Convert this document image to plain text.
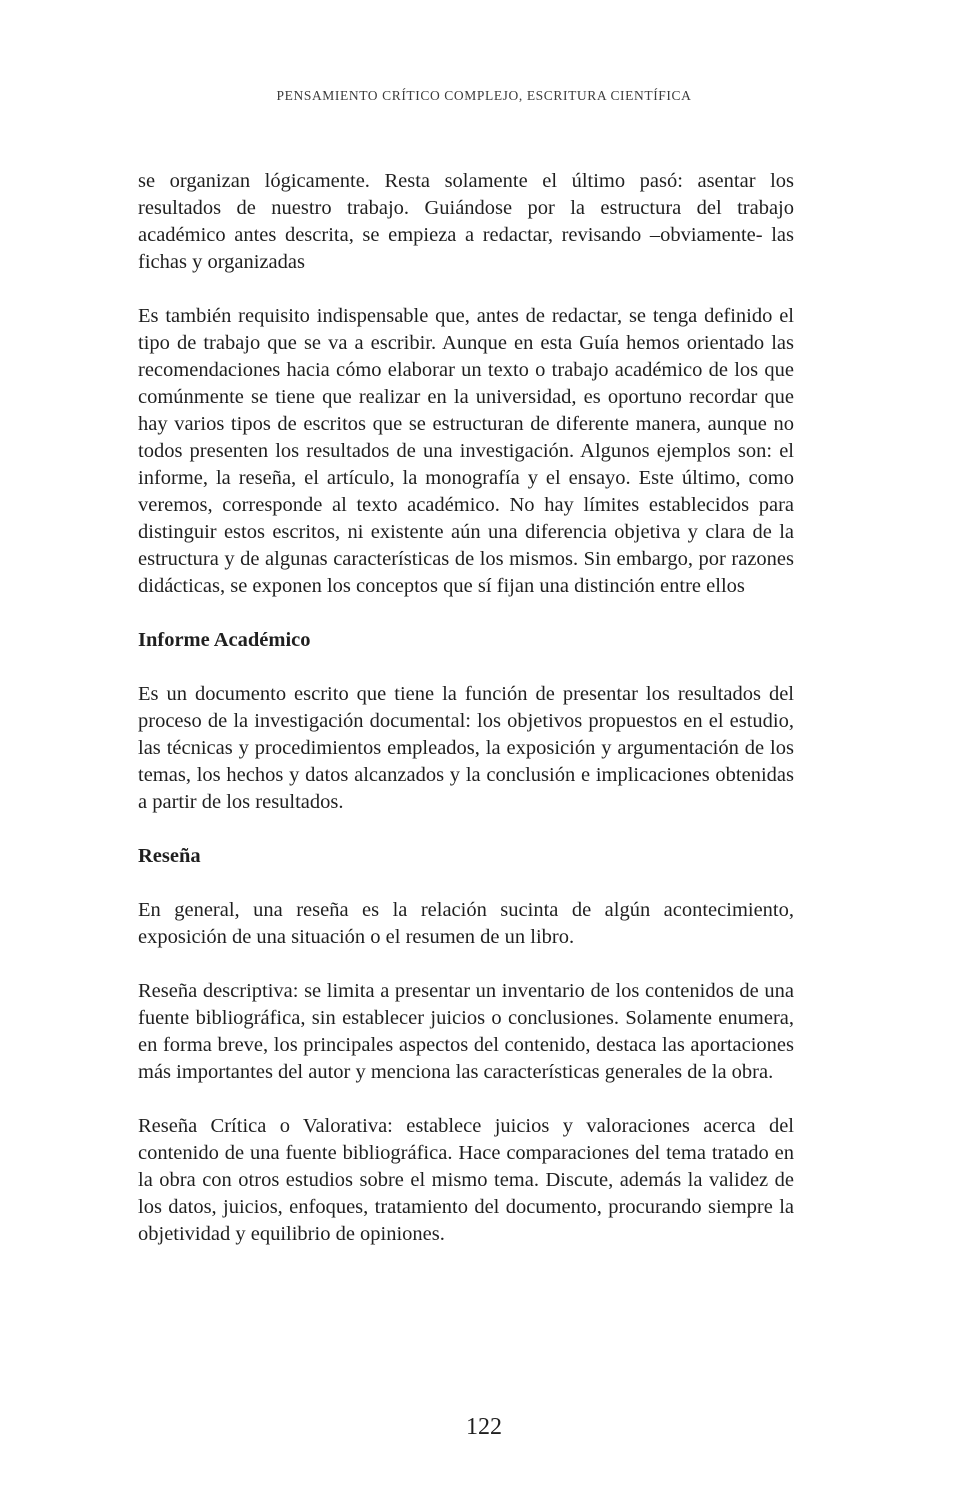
PENSAMIENTO CRÍTICO COMPLEJO, ESCRITURA CIENTÍFICA

se organizan lógicamente. Resta solamente el último pasó: asentar los resultados de nuestro trabajo. Guiándose por la estructura del trabajo académico antes descrita, se empieza a redactar, revisando –obviamente- las fichas y organizadas

Es también requisito indispensable que, antes de redactar, se tenga definido el tipo de trabajo que se va a escribir. Aunque en esta Guía hemos orientado las recomendaciones hacia cómo elaborar un texto o trabajo académico de los que comúnmente se tiene que realizar en la universidad, es oportuno recordar que hay varios tipos de escritos que se estructuran de diferente manera, aunque no todos presenten los resultados de una investigación. Algunos ejemplos son: el informe, la reseña, el artículo, la monografía y el ensayo. Este último, como veremos, corresponde al texto académico. No hay límites establecidos para distinguir estos escritos, ni existente aún una diferencia objetiva y clara de la estructura y de algunas características de los mismos. Sin embargo, por razones didácticas, se exponen los conceptos que sí fijan una distinción entre ellos

Informe Académico

Es un documento escrito que tiene la función de presentar los resultados del proceso de la investigación documental: los objetivos propuestos en el estudio, las técnicas y procedimientos empleados, la exposición y argumentación de los temas, los hechos y datos alcanzados y la conclusión e implicaciones obtenidas a partir de los resultados.

Reseña

En general, una reseña es la relación sucinta de algún acontecimiento, exposición de una situación o el resumen de un libro.

Reseña descriptiva: se limita a presentar un inventario de los contenidos de una fuente bibliográfica, sin establecer juicios o conclusiones. Solamente enumera, en forma breve, los principales aspectos del contenido, destaca las aportaciones más importantes del autor y menciona las características generales de la obra.

Reseña Crítica o Valorativa: establece juicios y valoraciones acerca del contenido de una fuente bibliográfica. Hace comparaciones del tema tratado en la obra con otros estudios sobre el mismo tema. Discute, además la validez de los datos, juicios, enfoques, tratamiento del documento, procurando siempre la objetividad y equilibrio de opiniones.

122
